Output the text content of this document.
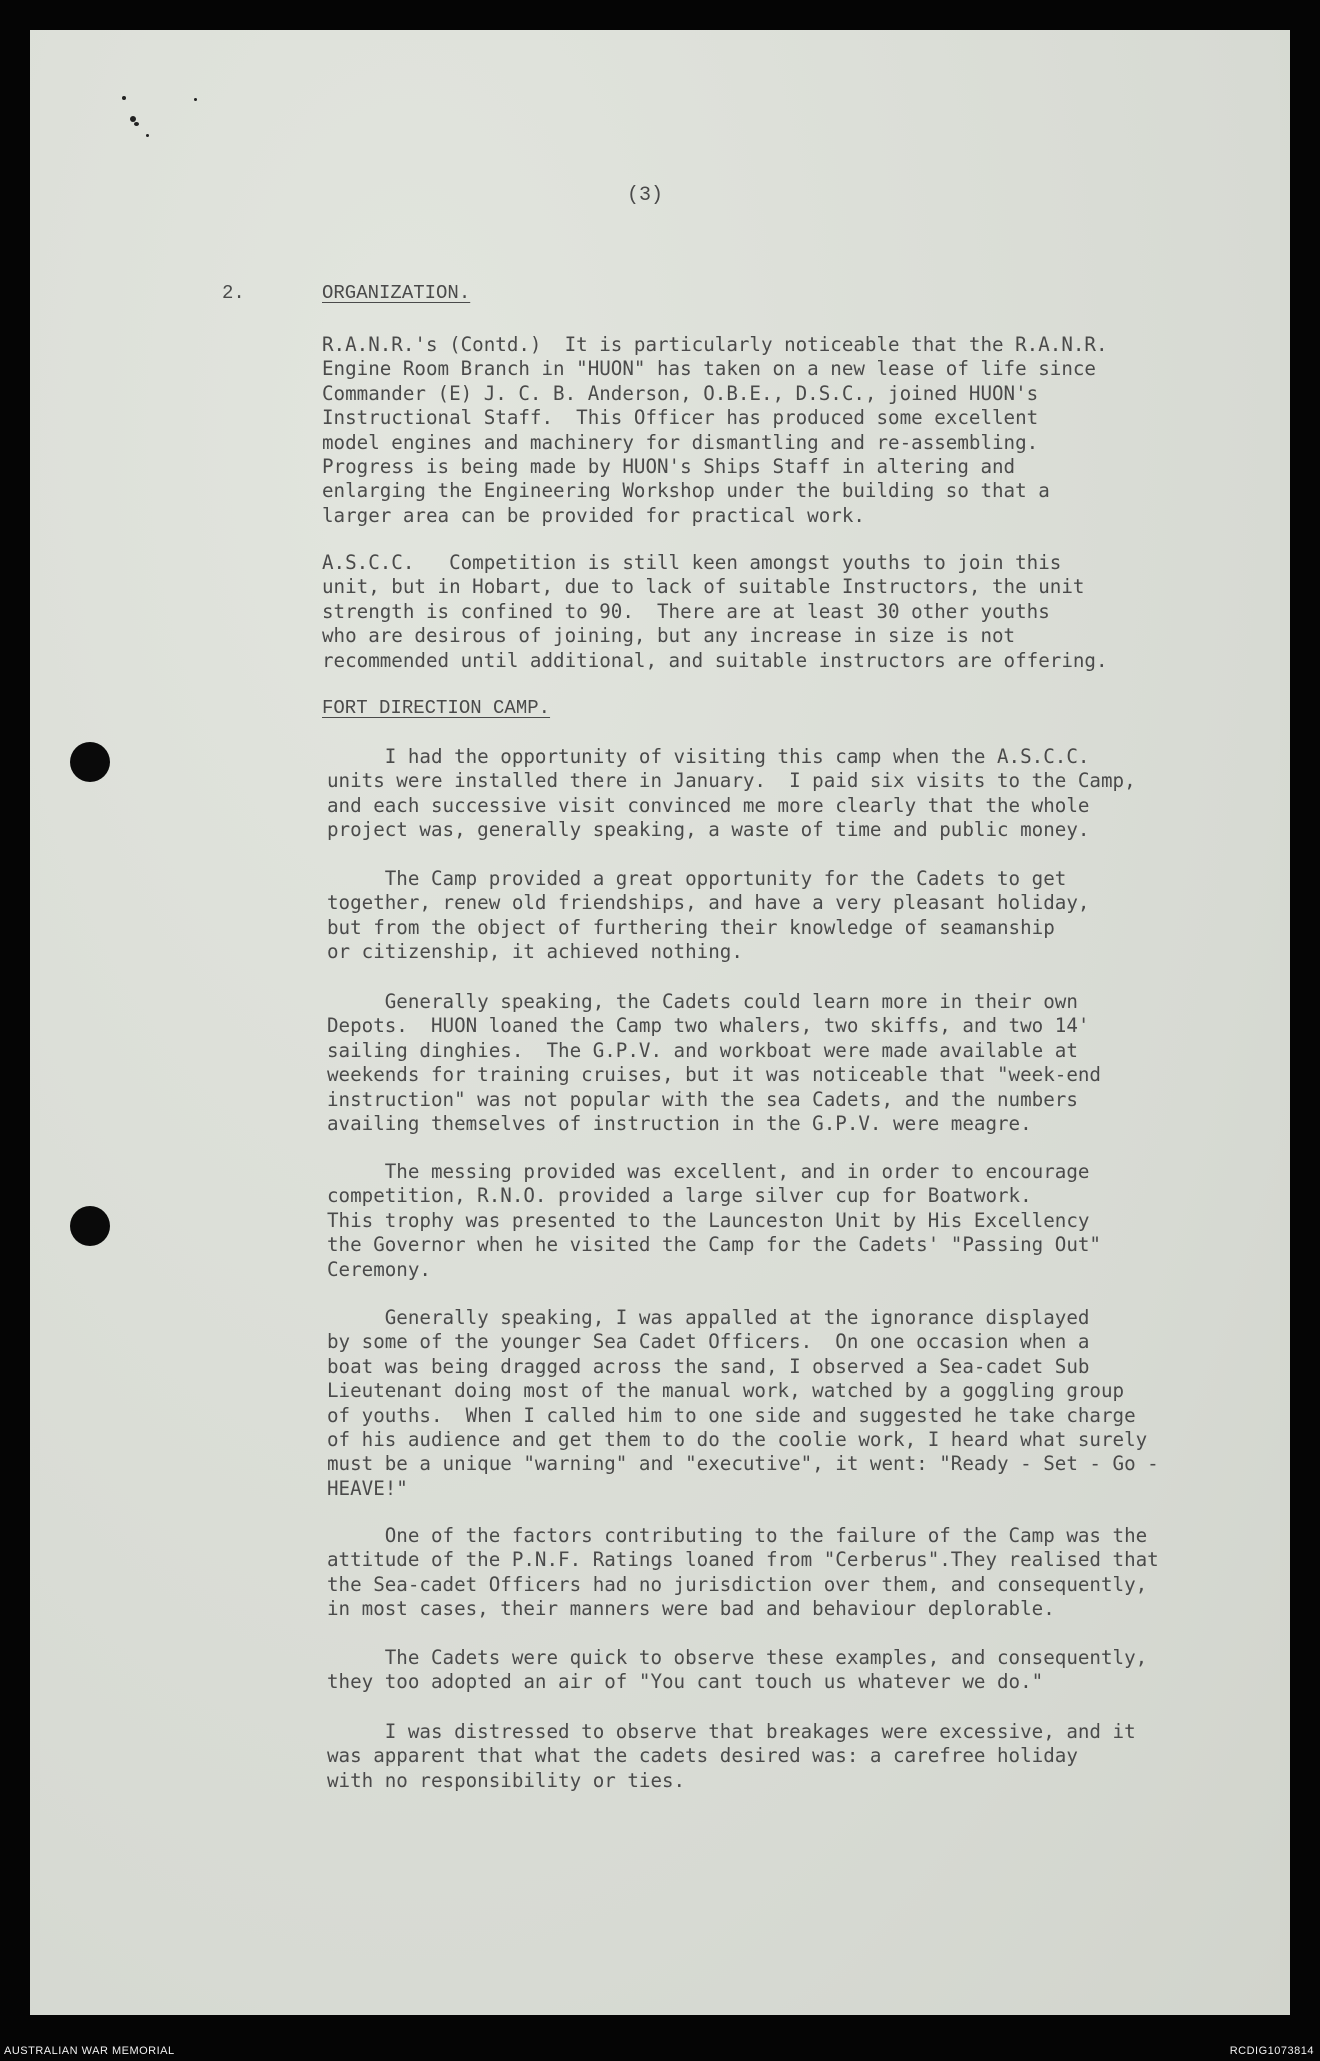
(3)
2.	ORGANIZATION.
R.A.N.R.'s (Contd.)  It is particularly noticeable that the R.A.N.R.
Engine Room Branch in "HUON" has taken on a new lease of life since
Commander (E) J. C. B. Anderson, O.B.E., D.S.C., joined HUON's
Instructional Staff.  This Officer has produced some excellent
model engines and machinery for dismantling and re-assembling.
Progress is being made by HUON's Ships Staff in altering and
enlarging the Engineering Workshop under the building so that a
larger area can be provided for practical work.
A.S.C.C.   Competition is still keen amongst youths to join this
unit, but in Hobart, due to lack of suitable Instructors, the unit
strength is confined to 90.  There are at least 30 other youths
who are desirous of joining, but any increase in size is not
recommended until additional, and suitable instructors are offering.
FORT DIRECTION CAMP.
I had the opportunity of visiting this camp when the A.S.C.C.
units were installed there in January.  I paid six visits to the Camp,
and each successive visit convinced me more clearly that the whole
project was, generally speaking, a waste of time and public money.
The Camp provided a great opportunity for the Cadets to get
together, renew old friendships, and have a very pleasant holiday,
but from the object of furthering their knowledge of seamanship
or citizenship, it achieved nothing.
Generally speaking, the Cadets could learn more in their own
Depots.  HUON loaned the Camp two whalers, two skiffs, and two 14'
sailing dinghies.  The G.P.V. and workboat were made available at
weekends for training cruises, but it was noticeable that "week-end
instruction" was not popular with the sea Cadets, and the numbers
availing themselves of instruction in the G.P.V. were meagre.
The messing provided was excellent, and in order to encourage
competition, R.N.O. provided a large silver cup for Boatwork.
This trophy was presented to the Launceston Unit by His Excellency
the Governor when he visited the Camp for the Cadets' "Passing Out"
Ceremony.
Generally speaking, I was appalled at the ignorance displayed
by some of the younger Sea Cadet Officers.  On one occasion when a
boat was being dragged across the sand, I observed a Sea-cadet Sub
Lieutenant doing most of the manual work, watched by a goggling group
of youths.  When I called him to one side and suggested he take charge
of his audience and get them to do the coolie work, I heard what surely
must be a unique "warning" and "executive", it went: "Ready - Set - Go -
HEAVE!"
One of the factors contributing to the failure of the Camp was the
attitude of the P.N.F. Ratings loaned from "Cerberus".They realised that
the Sea-cadet Officers had no jurisdiction over them, and consequently,
in most cases, their manners were bad and behaviour deplorable.
The Cadets were quick to observe these examples, and consequently,
they too adopted an air of "You cant touch us whatever we do."
I was distressed to observe that breakages were excessive, and it
was apparent that what the cadets desired was: a carefree holiday
with no responsibility or ties.
AUSTRALIAN WAR MEMORIAL	RCDIG1073814
